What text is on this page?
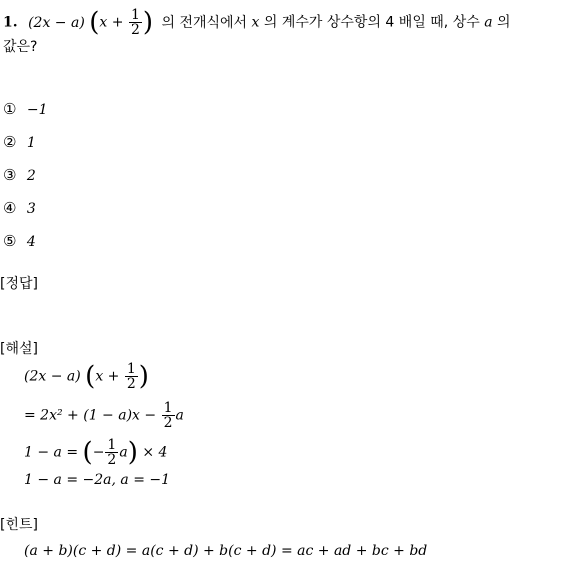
1. (2x − a) ($x + \frac{1}{2}$ ) 의 전개식에서 x 의 계수가 상수항의 4 배일 때, 상수 a 의
값은?
① −1
② 1
③ 2
④ 3
⑤ 4
[정답]
[해설]
(2x − a) ($x + \frac{1}{2}$ )
= $2x^2 + (1 - a)x - \frac{1}{2}$ a
1 − a = (− $\frac{1}{2} a) \times 4$
1 − a = −2a, a = −1
[힌트]
(a + b)(c + d) = a(c + d) + b(c + d) = ac + ad + bc + bd
